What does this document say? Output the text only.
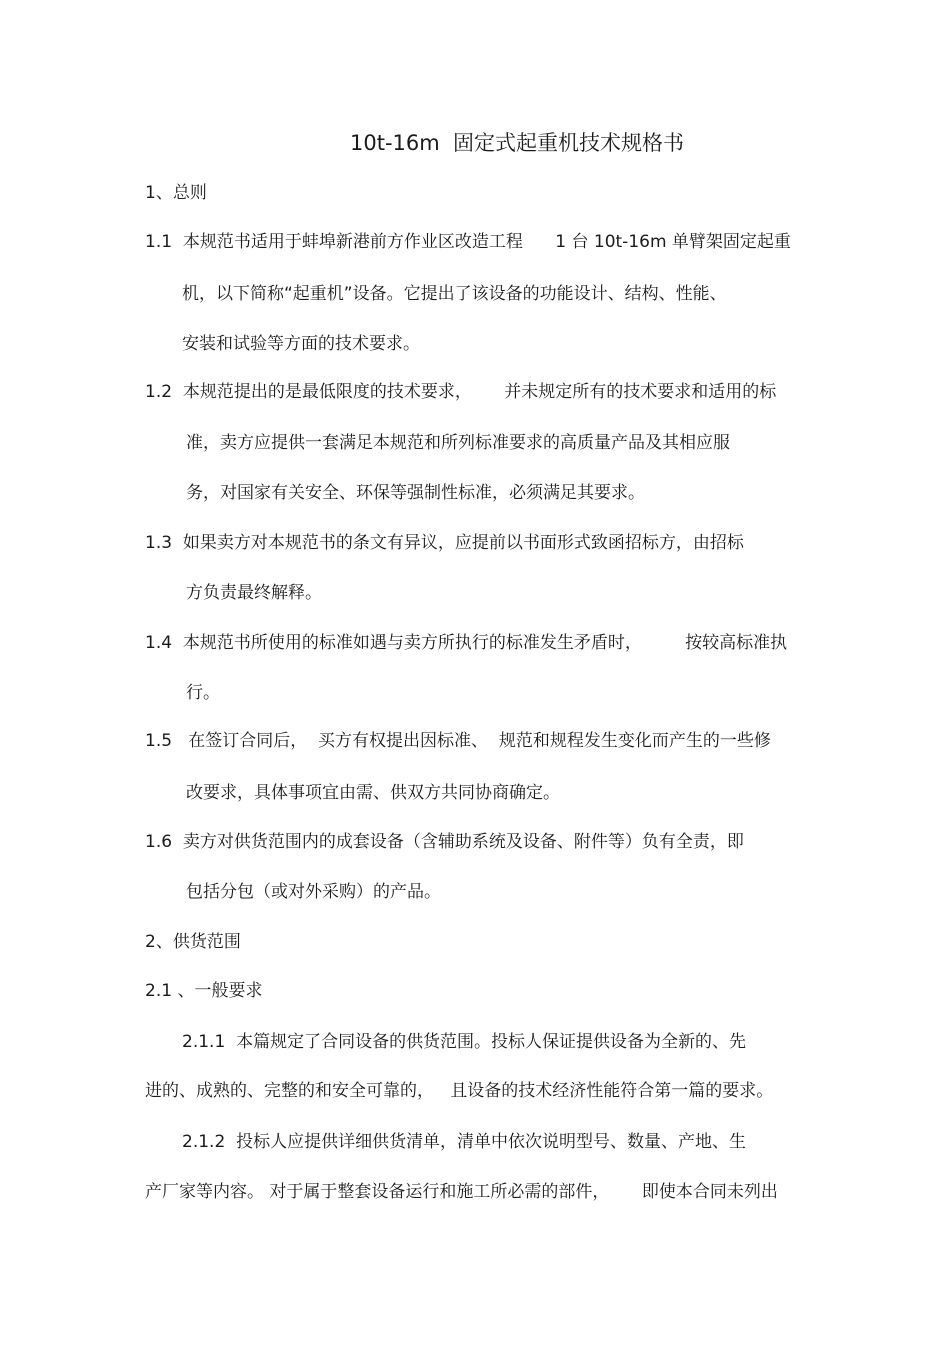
10t-16m  固定式起重机技术规格书
1、总则
1.1  本规范书适用于蚌埠新港前方作业区改造工程      1 台 10t-16m 单臂架固定起重
机，以下简称“起重机”设备。它提出了该设备的功能设计、结构、性能、
安装和试验等方面的技术要求。
1.2  本规范提出的是最低限度的技术要求，      并未规定所有的技术要求和适用的标
准，卖方应提供一套满足本规范和所列标准要求的高质量产品及其相应服
务，对国家有关安全、环保等强制性标准，必须满足其要求。
1.3  如果卖方对本规范书的条文有异议，应提前以书面形式致函招标方，由招标
方负责最终解释。
1.4  本规范书所使用的标准如遇与卖方所执行的标准发生矛盾时，        按较高标准执
行。
1.5   在签订合同后，  买方有权提出因标准、  规范和规程发生变化而产生的一些修
改要求，具体事项宜由需、供双方共同协商确定。
1.6  卖方对供货范围内的成套设备（含辅助系统及设备、附件等）负有全责，即
包括分包（或对外采购）的产品。
2、供货范围
2.1 、一般要求
2.1.1  本篇规定了合同设备的供货范围。投标人保证提供设备为全新的、先
进的、成熟的、完整的和安全可靠的，   且设备的技术经济性能符合第一篇的要求。
2.1.2  投标人应提供详细供货清单，清单中依次说明型号、数量、产地、生
产厂家等内容。 对于属于整套设备运行和施工所必需的部件，      即使本合同未列出
